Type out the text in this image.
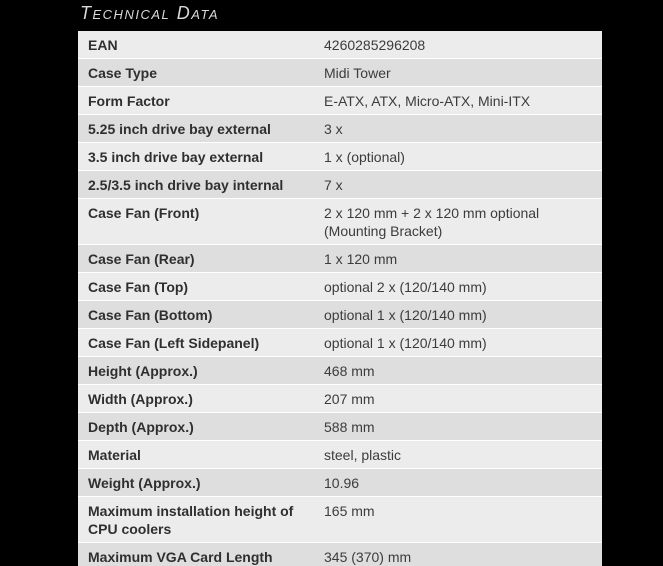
Technical Data
EAN	4260285296208
Case Type	Midi Tower
Form Factor	E-ATX, ATX, Micro-ATX, Mini-ITX
5.25 inch drive bay external	3 x
3.5 inch drive bay external	1 x (optional)
2.5/3.5 inch drive bay internal	7 x
Case Fan (Front)	2 x 120 mm + 2 x 120 mm optional (Mounting Bracket)
Case Fan (Rear)	1 x 120 mm
Case Fan (Top)	optional 2 x (120/140 mm)
Case Fan (Bottom)	optional 1 x (120/140 mm)
Case Fan (Left Sidepanel)	optional 1 x (120/140 mm)
Height (Approx.)	468 mm
Width (Approx.)	207 mm
Depth (Approx.)	588 mm
Material	steel, plastic
Weight (Approx.)	10.96
Maximum installation height of CPU coolers	165 mm
Maximum VGA Card Length	345 (370) mm
